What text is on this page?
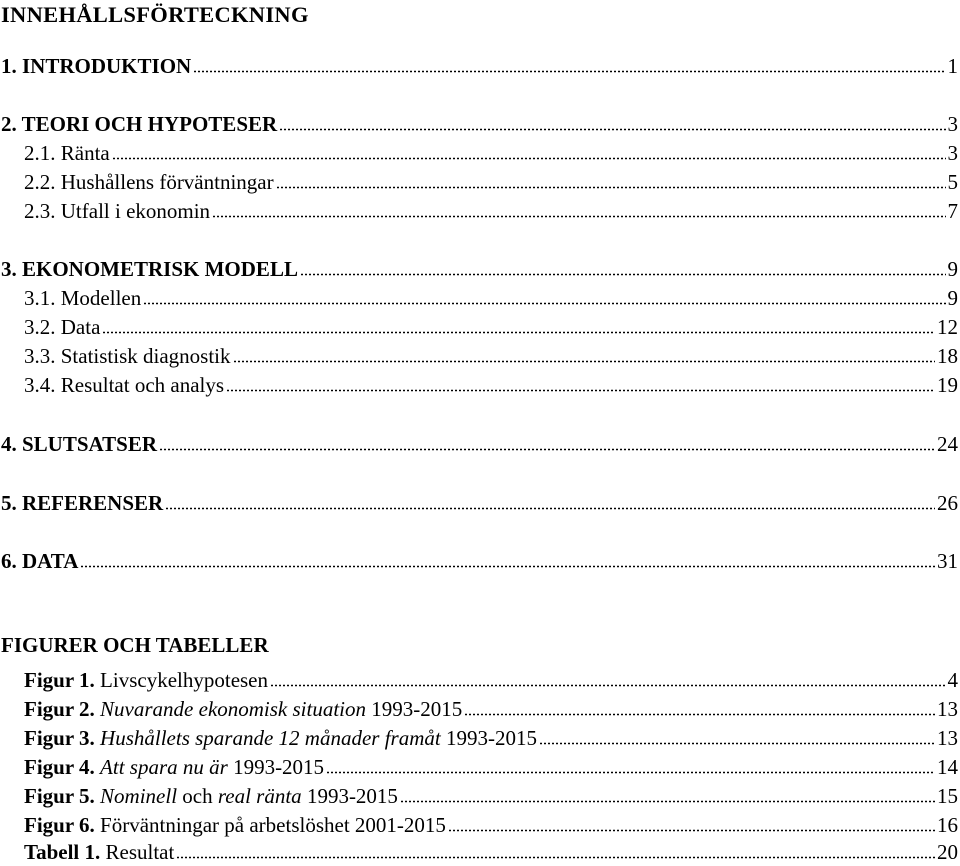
INNEHÅLLSFÖRTECKNING
1. INTRODUKTION	1
2. TEORI OCH HYPOTESER	3
2.1. Ränta	3
2.2. Hushållens förväntningar	5
2.3. Utfall i ekonomin	7
3. EKONOMETRISK MODELL	9
3.1. Modellen	9
3.2. Data	12
3.3. Statistisk diagnostik	18
3.4. Resultat och analys	19
4. SLUTSATSER	24
5. REFERENSER	26
6. DATA	31
FIGURER OCH TABELLER
Figur 1. Livscykelhypotesen	4
Figur 2. Nuvarande ekonomisk situation 1993-2015	13
Figur 3. Hushållets sparande 12 månader framåt 1993-2015	13
Figur 4. Att spara nu är 1993-2015	14
Figur 5. Nominell och real ränta 1993-2015	15
Figur 6. Förväntningar på arbetslöshet 2001-2015	16
Tabell 1. Resultat	20
